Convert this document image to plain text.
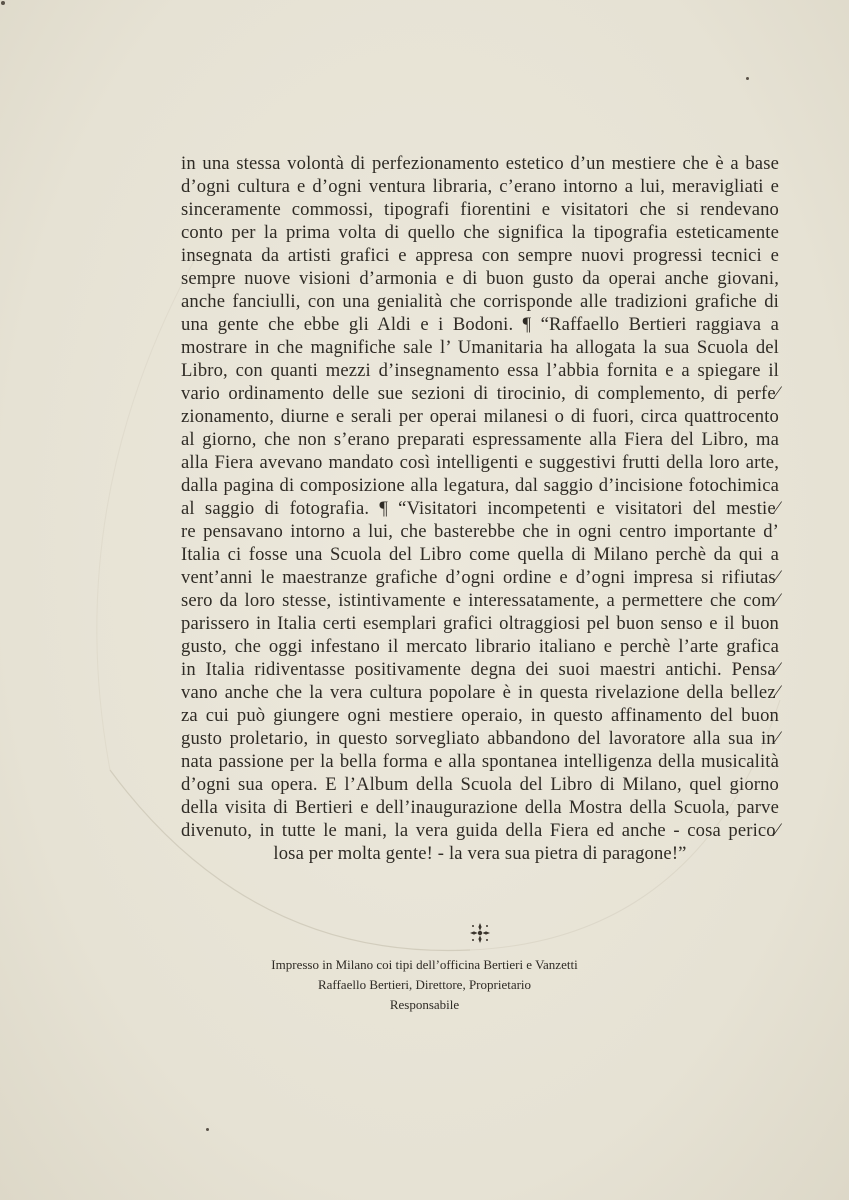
in una stessa volontà di perfezionamento estetico d’un mestiere che è a base
d’ogni cultura e d’ogni ventura libraria, c’erano intorno a lui, meravigliati e
sinceramente commossi, tipografi fiorentini e visitatori che si rendevano
conto per la prima volta di quello che significa la tipografia esteticamente
insegnata da artisti grafici e appresa con sempre nuovi progressi tecnici e
sempre nuove visioni d’armonia e di buon gusto da operai anche giovani,
anche fanciulli, con una genialità che corrisponde alle tradizioni grafiche di
una gente che ebbe gli Aldi e i Bodoni. ¶ “Raffaello Bertieri raggiava a
mostrare in che magnifiche sale l’ Umanitaria ha allogata la sua Scuola del
Libro, con quanti mezzi d’insegnamento essa l’abbia fornita e a spiegare il
vario ordinamento delle sue sezioni di tirocinio, di complemento, di perfe⁄
zionamento, diurne e serali per operai milanesi o di fuori, circa quattrocento
al giorno, che non s’erano preparati espressamente alla Fiera del Libro, ma
alla Fiera avevano mandato così intelligenti e suggestivi frutti della loro arte,
dalla pagina di composizione alla legatura, dal saggio d’incisione fotochimica
al saggio di fotografia. ¶ “Visitatori incompetenti e visitatori del mestie⁄
re pensavano intorno a lui, che basterebbe che in ogni centro importante d’
Italia ci fosse una Scuola del Libro come quella di Milano perchè da qui a
vent’anni le maestranze grafiche d’ogni ordine e d’ogni impresa si rifiutas⁄
sero da loro stesse, istintivamente e interessatamente, a permettere che com⁄
parissero in Italia certi esemplari grafici oltraggiosi pel buon senso e il buon
gusto, che oggi infestano il mercato librario italiano e perchè l’arte grafica
in Italia ridiventasse positivamente degna dei suoi maestri antichi. Pensa⁄
vano anche che la vera cultura popolare è in questa rivelazione della bellez⁄
za cui può giungere ogni mestiere operaio, in questo affinamento del buon
gusto proletario, in questo sorvegliato abbandono del lavoratore alla sua in⁄
nata passione per la bella forma e alla spontanea intelligenza della musicalità
d’ogni sua opera. E l’Album della Scuola del Libro di Milano, quel giorno
della visita di Bertieri e dell’inaugurazione della Mostra della Scuola, parve
divenuto, in tutte le mani, la vera guida della Fiera ed anche - cosa perico⁄
losa per molta gente! - la vera sua pietra di paragone!”
Impresso in Milano coi tipi dell’officina Bertieri e Vanzetti
Raffaello Bertieri, Direttore, Proprietario
Responsabile
